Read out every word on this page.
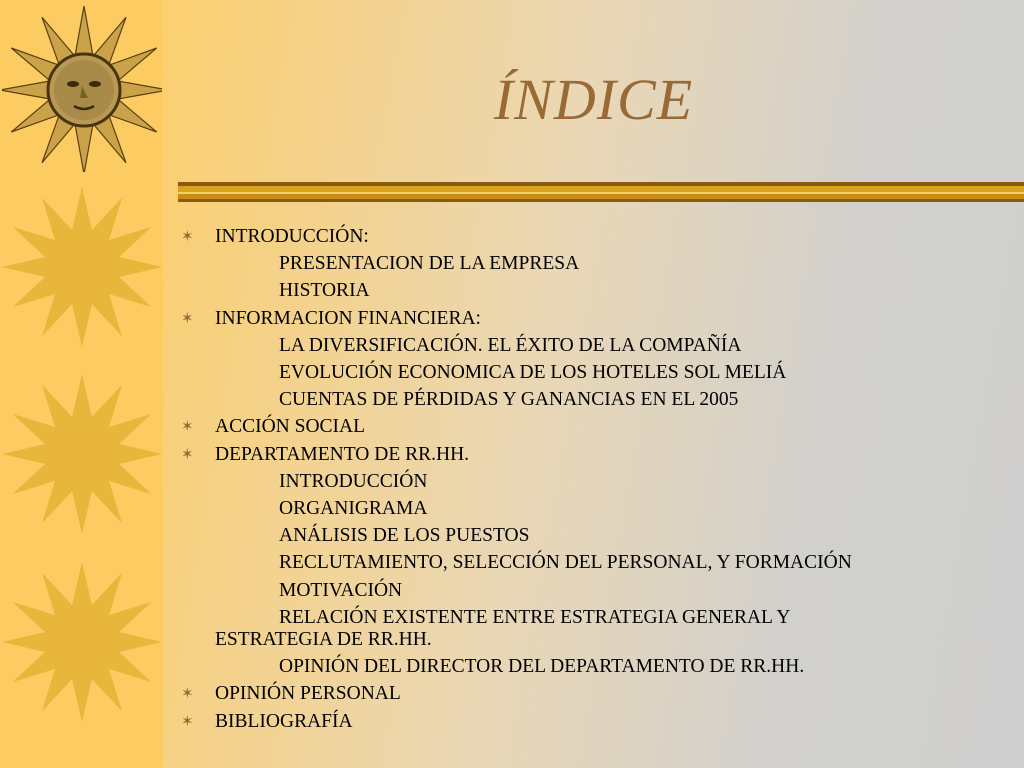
ÍNDICE
✶ INTRODUCCIÓN:
PRESENTACION DE LA EMPRESA
HISTORIA
✶ INFORMACION FINANCIERA:
LA DIVERSIFICACIÓN. EL ÉXITO DE LA COMPAÑÍA
EVOLUCIÓN ECONOMICA DE LOS HOTELES SOL MELIÁ
CUENTAS DE PÉRDIDAS Y GANANCIAS EN EL 2005
✶ ACCIÓN SOCIAL
✶ DEPARTAMENTO DE RR.HH.
INTRODUCCIÓN
ORGANIGRAMA
ANÁLISIS DE LOS PUESTOS
RECLUTAMIENTO, SELECCIÓN DEL PERSONAL, Y FORMACIÓN
MOTIVACIÓN
RELACIÓN EXISTENTE ENTRE ESTRATEGIA GENERAL Y
ESTRATEGIA DE RR.HH.
OPINIÓN DEL DIRECTOR DEL DEPARTAMENTO DE RR.HH.
✶ OPINIÓN PERSONAL
✶ BIBLIOGRAFÍA
